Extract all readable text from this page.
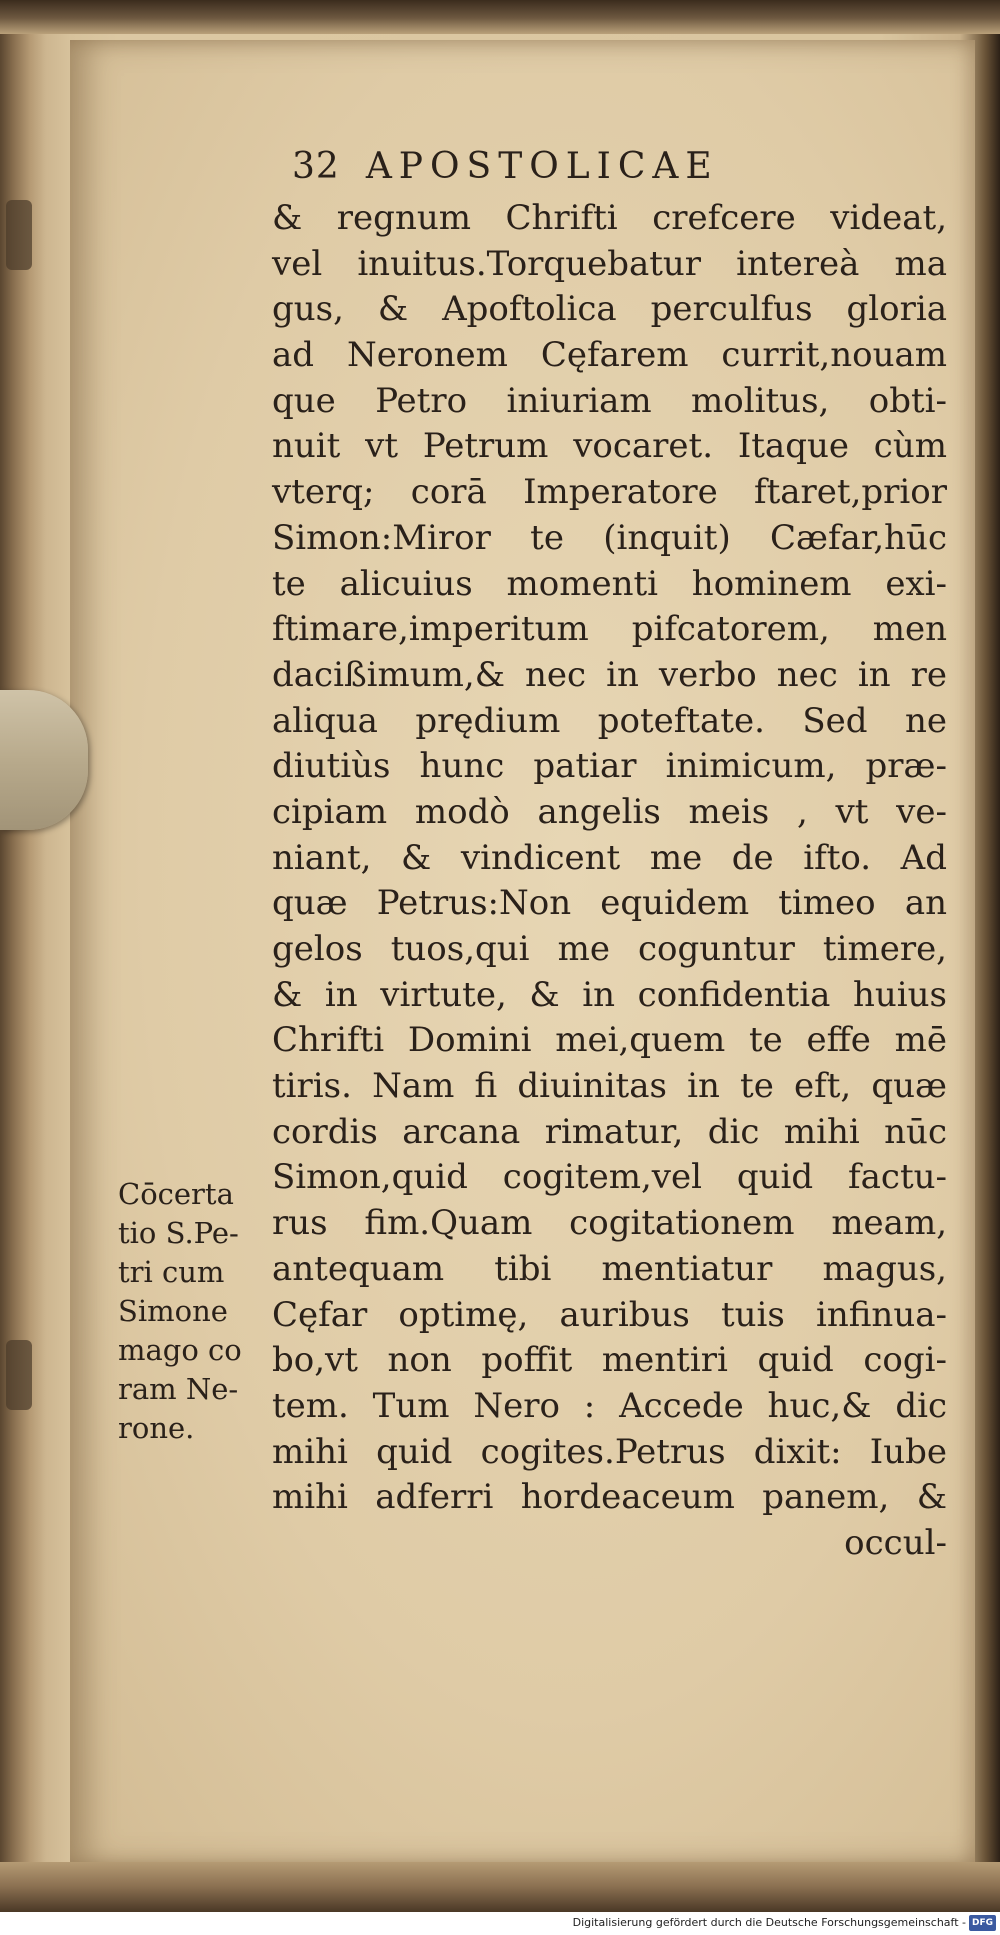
32 APOSTOLICAE
& regnum Chrifti crefcere videat,
vel inuitus.Torquebatur intereà ma
gus, & Apoftolica perculfus gloria
ad Neronem Cęfarem currit,nouam
que Petro iniuriam molitus, obti-
nuit vt Petrum vocaret. Itaque cùm
vterq; corā Imperatore ftaret,prior
Simon:Miror te (inquit) Cæfar,hūc
te alicuius momenti hominem exi-
ftimare,imperitum pifcatorem, men
dacißimum,& nec in verbo nec in re
aliqua prędium poteftate. Sed ne
diutiùs hunc patiar inimicum, præ-
cipiam modò angelis meis , vt ve-
niant, & vindicent me de ifto. Ad
quæ Petrus:Non equidem timeo an
gelos tuos,qui me coguntur timere,
& in virtute, & in confidentia huius
Chrifti Domini mei,quem te effe mē
tiris. Nam fi diuinitas in te eft, quæ
cordis arcana rimatur, dic mihi nūc
Simon,quid cogitem,vel quid factu-
rus fim.Quam cogitationem meam,
antequam tibi mentiatur magus,
Cęfar optimę, auribus tuis infinua-
bo,vt non poffit mentiri quid cogi-
tem. Tum Nero : Accede huc,& dic
mihi quid cogites.Petrus dixit: Iube
mihi adferri hordeaceum panem, &
occul-
Cōcerta
tio S.Pe-
tri cum
Simone
mago co
ram Ne-
rone.
Digitalisierung gefördert durch die Deutsche Forschungsgemeinschaft - DFG
